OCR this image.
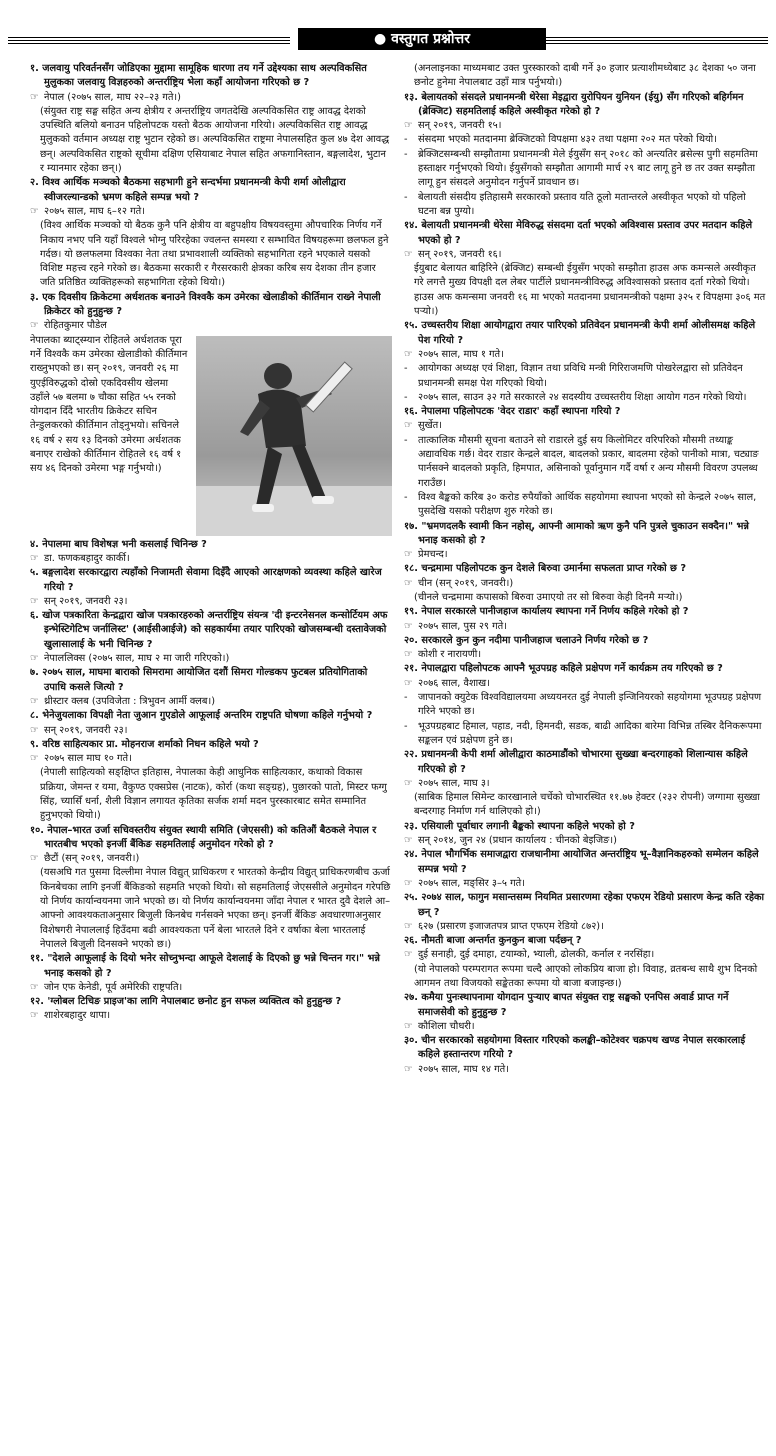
● वस्तुगत प्रश्नोत्तर

१. जलवायु परिवर्तनसँग जोडिएका मुद्दामा सामूहिक धारणा तय गर्ने उद्देश्यका साथ अल्पविकसित मुलुकका जलवायु विज्ञहरुको अन्तर्राष्ट्रिय भेला कहाँ आयोजना गरिएको छ ?

☞ नेपाल (२०७५ साल, माघ २२–२३ गते।)

(संयुक्त राष्ट्र सङ्घ सहित अन्य क्षेत्रीय र अन्तर्राष्ट्रिय जगतदेखि अल्पविकसित राष्ट्र आवद्ध देशको उपस्थिति बलियो बनाउन पहिलोपटक यस्तो बैठक आयोजना गरियो। अल्पविकसित राष्ट्र आवद्ध मुलुकको वर्तमान अध्यक्ष राष्ट्र भुटान रहेको छ। अल्पविकसित राष्ट्रमा नेपालसहित कुल ४७ देश आवद्ध छन्। अल्पविकसित राष्ट्रको सूचीमा दक्षिण एसियाबाट नेपाल सहित अफगानिस्तान, बङ्गलादेश, भुटान र म्यानमार रहेका छन्।)

२. विश्व आर्थिक मञ्चको बैठकमा सहभागी हुने सन्दर्भमा प्रधानमन्त्री केपी शर्मा ओलीद्वारा स्वीजरल्यान्डको भ्रमण कहिले सम्पन्न भयो ?

☞ २०७५ साल, माघ ६–१२ गते।

(विश्व आर्थिक मञ्चको यो बैठक कुनै पनि क्षेत्रीय वा बहुपक्षीय विषयवस्तुमा औपचारिक निर्णय गर्ने निकाय नभए पनि यहाँ विश्वले भोग्नु परिरहेका ज्वलन्त समस्या र सम्भावित विषयहरूमा छलफल हुने गर्दछ। यो छलफलमा विश्वका नेता तथा प्रभावशाली व्यक्तिको सहभागिता रहने भएकाले यसको विशिष्ट महत्त्व रहने गरेको छ। बैठकमा सरकारी र गैरसरकारी क्षेत्रका करिब सय देशका तीन हजार जति प्रतिष्ठित व्यक्तिहरूको सहभागिता रहेको थियो।)

३. एक दिवसीय क्रिकेटमा अर्धशतक बनाउने विश्वकै कम उमेरका खेलाडीको कीर्तिमान राख्ने नेपाली क्रिकेटर को हुनुहुन्छ ?

☞ रोहितकुमार पौडेल

नेपालका ब्याट्स्म्यान रोहितले अर्धशतक पूरा गर्ने विश्वकै कम उमेरका खेलाडीको कीर्तिमान राख्नुभएको छ। सन् २०१९, जनवरी २६ मा युएईविरुद्धको दोस्रो एकदिवसीय खेलमा उहाँले ५७ बलमा ७ चौका सहित ५५ रनको योगदान दिँदै भारतीय क्रिकेटर सचिन तेन्डुलकरको कीर्तिमान तोड्नुभयो। सचिनले १६ वर्ष २ सय १३ दिनको उमेरमा अर्धशतक बनाएर राखेको कीर्तिमान रोहितले १६ वर्ष १ सय ४६ दिनको उमेरमा भङ्ग गर्नुभयो।)

४. नेपालमा बाघ विशेषज्ञ भनी कसलाई चिनिन्छ ?

☞ डा. फणकबहादुर कार्की।

५. बङ्गलादेश सरकारद्वारा त्यहाँको निजामती सेवामा दिइँदै आएको आरक्षणको व्यवस्था कहिले खारेज गरियो ?

☞ सन् २०१९, जनवरी २३।

६. खोज पत्रकारिता केन्द्रद्वारा खोज पत्रकारहरुको अन्तर्राष्ट्रिय संयन्त्र 'दी इन्टरनेसनल कन्सोर्टियम अफ इन्भेस्टिगेटिभ जर्नालिस्ट' (आईसीआईजे) को सहकार्यमा तयार पारिएको खोजसम्बन्धी दस्तावेजको खुलासालाई के भनी चिनिन्छ ?

☞ नेपाललिक्स (२०७५ साल, माघ २ मा जारी गरिएको।)

७. २०७५ साल, माघमा बाराको सिमरामा आयोजित दशौं सिमरा गोल्डकप फुटबल प्रतियोगिताको उपाधि कसले जित्यो ?

☞ थ्रीस्टार क्लब (उपविजेता : त्रिभुवन आर्मी क्लब।)

८. भेनेजुयलाका विपक्षी नेता जुआन गुएडोले आफूलाई अन्तरिम राष्ट्रपति घोषणा कहिले गर्नुभयो ?

☞ सन् २०१९, जनवरी २३।

९. वरिष्ठ साहित्यकार प्रा. मोहनराज शर्माको निधन कहिले भयो ?

☞ २०७५ साल माघ १० गते।

(नेपाली साहित्यको सङ्क्षिप्त इतिहास, नेपालका केही आधुनिक साहित्यकार, कथाको विकास प्रक्रिया, जेमन्त र यमा, वैकुण्ठ एक्सप्रेस (नाटक), कोर्रा (कथा सङ्ग्रह), पुछारको पातो, मिस्टर फग्गु सिंह, च्यासिँ धर्ना, शैली विज्ञान लगायत कृतिका सर्जक शर्मा मदन पुरस्कारबाट समेत सम्मानित हुनुभएको थियो।)

१०. नेपाल–भारत उर्जा सचिवस्तरीय संयुक्त स्थायी समिति (जेएससी) को कतिऔं बैठकले नेपाल र भारतबीच भएको इनर्जी बैंकिङ सहमतिलाई अनुमोदन गरेको हो ?

☞ छैटौं (सन् २०१९, जनवरी।)

(यसअघि गत पुसमा दिल्लीमा नेपाल विद्युत् प्राधिकरण र भारतको केन्द्रीय विद्युत् प्राधिकरणबीच ऊर्जा किनबेचका लागि इनर्जी बैंकिङको सहमति भएको थियो। सो सहमतिलाई जेएससीले अनुमोदन गरेपछि यो निर्णय कार्यान्वयनमा जाने भएको छ। यो निर्णय कार्यान्वयनमा जाँदा नेपाल र भारत दुवै देशले आ–आफ्नो आवश्यकताअनुसार बिजुली किनबेच गर्नसक्ने भएका छन्। इनर्जी बैंकिङ अवधारणाअनुसार विशेषगरी नेपाललाई हिउँदमा बढी आवश्यकता पर्ने बेला भारतले दिने र वर्षाका बेला भारतलाई नेपालले बिजुली दिनसक्ने भएको छ।)

११. "देशले आफूलाई के दियो भनेर सोच्नुभन्दा आफूले देशलाई के दिएको छु भन्ने चिन्तन गर।" भन्ने भनाइ कसको हो ?

☞ जोन एफ केनेडी, पूर्व अमेरिकी राष्ट्रपति।

१२. 'ग्लोबल टिचिङ प्राइज'का लागि नेपालबाट छनोट हुन सफल व्यक्तित्व को हुनुहुन्छ ?

☞ शाशेरबहादुर थापा।

(अनलाइनका माध्यमबाट उक्त पुरस्कारको दाबी गर्ने ३० हजार प्रत्याशीमध्येबाट ३८ देशका ५० जना छनोट हुनेमा नेपालबाट उहाँ मात्र पर्नुभयो।)

१३. बेलायतको संसदले प्रधानमन्त्री थेरेसा मेइद्वारा युरोपियन युनियन (ईयु) सँग गरिएको बहिर्गमन (ब्रेक्जिट) सहमतिलाई कहिले अस्वीकृत गरेको हो ?

☞ सन् २०१९, जनवरी १५।

- संसदमा भएको मतदानमा ब्रेक्जिटको विपक्षमा ४३२ तथा पक्षमा २०२ मत परेको थियो।

- ब्रेक्जिटसम्बन्धी सम्झौतामा प्रधानमन्त्री मेले ईयुसँग सन् २०१८ को अन्त्यतिर ब्रसेल्स पुगी सहमतिमा हस्ताक्षर गर्नुभएको थियो। ईयुसँगको सम्झौता आगामी मार्च २९ बाट लागू हुने छ तर उक्त सम्झौता लागू हुन संसदले अनुमोदन गर्नुपर्ने प्रावधान छ।

- बेलायती संसदीय इतिहासमै सरकारको प्रस्ताव यति ठूलो मतान्तरले अस्वीकृत भएको यो पहिलो घटना बन्न पुग्यो।

१४. बेलायती प्रधानमन्त्री थेरेसा मेविरुद्ध संसदमा दर्ता भएको अविश्वास प्रस्ताव उपर मतदान कहिले भएको हो ?

☞ सन् २०१९, जनवरी १६।

ईयुबाट बेलायत बाहिरिने (ब्रेक्जिट) सम्बन्धी ईयुसँग भएको सम्झौता हाउस अफ कमन्सले अस्वीकृत गरे लगत्तै मुख्य विपक्षी दल लेबर पार्टीले प्रधानमन्त्रीविरुद्ध अविश्वासको प्रस्ताव दर्ता गरेको थियो। हाउस अफ कमन्समा जनवरी १६ मा भएको मतदानमा प्रधानमन्त्रीको पक्षमा ३२५ र विपक्षमा ३०६ मत पर्‍यो।)

१५. उच्चस्तरीय शिक्षा आयोगद्वारा तयार पारिएको प्रतिवेदन प्रधानमन्त्री केपी शर्मा ओलीसमक्ष कहिले पेश गरियो ?

☞ २०७५ साल, माघ १ गते।

- आयोगका अध्यक्ष एवं शिक्षा, विज्ञान तथा प्रविधि मन्त्री गिरिराजमणि पोखरेलद्वारा सो प्रतिवेदन प्रधानमन्त्री समक्ष पेश गरिएको थियो।

- २०७५ साल, साउन ३२ गते सरकारले २४ सदस्यीय उच्चस्तरीय शिक्षा आयोग गठन गरेको थियो।

१६. नेपालमा पहिलोपटक 'वेदर राडार' कहाँ स्थापना गरियो ?

☞ सुर्खेत।

- तात्कालिक मौसमी सूचना बताउने सो राडारले दुई सय किलोमिटर वरिपरिको मौसमी तथ्याङ्क अद्यावधिक गर्छ। वेदर राडार केन्द्रले बादल, बादलको प्रकार, बादलमा रहेको पानीको मात्रा, चट्याङ पार्नसक्ने बादलको प्रकृति, हिमपात, असिनाको पूर्वानुमान गर्दै वर्षा र अन्य मौसमी विवरण उपलब्ध गराउँछ।

- विश्व बैङ्कको करिब ३० करोड रुपैयाँको आर्थिक सहयोगमा स्थापना भएको सो केन्द्रले २०७५ साल, पुसदेखि यसको परीक्षण शुरु गरेको छ।

१७. "भ्रमणदलकै स्वामी किन नहोस्, आफ्नी आमाको ऋण कुनै पनि पुत्रले चुकाउन सक्दैन।" भन्ने भनाइ कसको हो ?

☞ प्रेमचन्द।

१८. चन्द्रमामा पहिलोपटक कुन देशले बिरुवा उमार्नमा सफलता प्राप्त गरेको छ ?

☞ चीन (सन् २०१९, जनवरी।)

(चीनले चन्द्रमामा कपासको बिरुवा उमाएयो तर सो बिरुवा केही दिनमै मर्‍यो।)

१९. नेपाल सरकारले पानीजहाज कार्यालय स्थापना गर्ने निर्णय कहिले गरेको हो ?

☞ २०७५ साल, पुस २९ गते।

२०. सरकारले कुन कुन नदीमा पानीजहाज चलाउने निर्णय गरेको छ ?

☞ कोशी र नारायणी।

२१. नेपालद्वारा पहिलोपटक आफ्नै भूउपग्रह कहिले प्रक्षेपण गर्ने कार्यक्रम तय गरिएको छ ?

☞ २०७६ साल, वैशाख।

- जापानको क्युटेक विश्वविद्यालयमा अध्ययनरत दुई नेपाली इन्जिनियरको सहयोगमा भूउपग्रह प्रक्षेपण गरिने भएको छ।

- भूउपग्रहबाट हिमाल, पहाड, नदी, हिमनदी, सडक, बाढी आदिका बारेमा विभिन्न तस्बिर दैनिकरूपमा सङ्कलन एवं प्रक्षेपण हुने छ।

२२. प्रधानमन्त्री केपी शर्मा ओलीद्वारा काठमाडौंको चोभारमा सुख्खा बन्दरगाहको शिलान्यास कहिले गरिएको हो ?

☞ २०७५ साल, माघ ३।

(साबिक हिमाल सिमेन्ट कारखानाले चर्चेको चोभारस्थित ११.७७ हेक्टर (२३२ रोपनी) जग्गामा सुख्खा बन्दरगाह निर्माण गर्न थालिएको हो।)

२३. एसियाली पूर्वाधार लगानी बैङ्कको स्थापना कहिले भएको हो ?

☞ सन् २०१४, जुन २४ (प्रधान कार्यालय : चीनको बेइजिङ।)

२४. नेपाल भौगर्भिक समाजद्वारा राजधानीमा आयोजित अन्तर्राष्ट्रिय भू–वैज्ञानिकहरुको सम्मेलन कहिले सम्पन्न भयो ?

☞ २०७५ साल, मङ्सिर ३–५ गते।

२५. २०७४ साल, फागुन मसान्तसम्म नियमित प्रसारणमा रहेका एफएम रेडियो प्रसारण केन्द्र कति रहेका छन् ?

☞ ६२७ (प्रसारण इजाजतपत्र प्राप्त एफएम रेडियो ८७२)।

२६. नौमती बाजा अन्तर्गत कुनकुन बाजा पर्दछन् ?

☞ दुई सनाही, दुई दमाहा, टयाम्को, भ्याली, ढोलकी, कर्नाल र नरसिंहा।

(यो नेपालको परम्परागत रूपमा चल्दै आएको लोकप्रिय बाजा हो। विवाह, व्रतबन्ध साथै शुभ दिनको आगमन तथा विजयको सङ्केतका रूपमा यो बाजा बजाइन्छ।)

२७. कमैया पुनःस्थापनामा योगदान पुऱ्याए बापत संयुक्त राष्ट्र सङ्घको एनपिस अवार्ड प्राप्त गर्ने समाजसेवी को हुनुहुन्छ ?

☞ कौशिला चौधरी।

३०. चीन सरकारको सहयोगमा विस्तार गरिएको कलङ्की–कोटेश्वर चक्रपथ खण्ड नेपाल सरकारलाई कहिले हस्तान्तरण गरियो ?

☞ २०७५ साल, माघ १४ गते।
